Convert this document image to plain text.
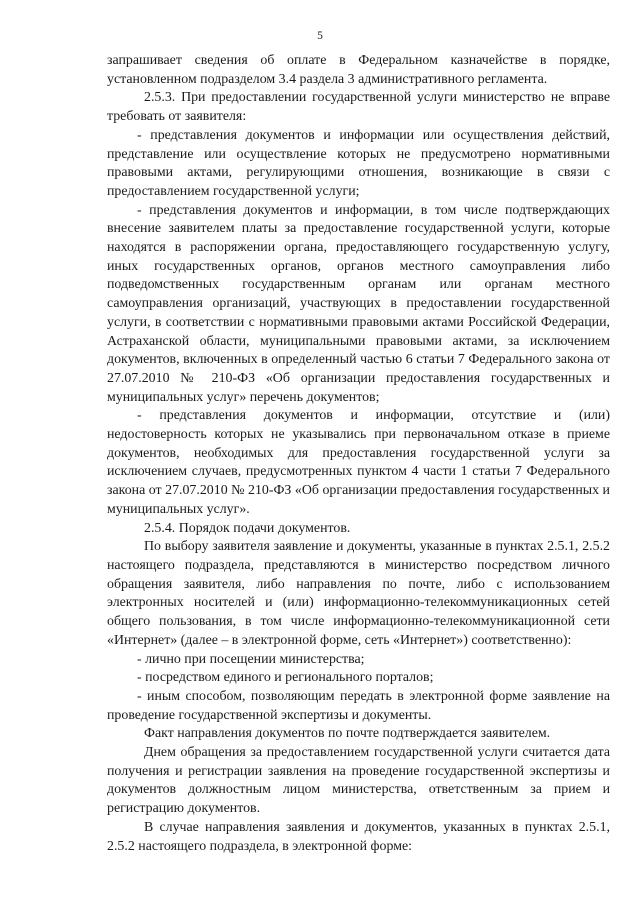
5

запрашивает сведения об оплате в Федеральном казначействе в порядке, установленном подразделом 3.4 раздела 3 административного регламента.

2.5.3. При предоставлении государственной услуги министерство не вправе требовать от заявителя:

- представления документов и информации или осуществления действий, представление или осуществление которых не предусмотрено нормативными правовыми актами, регулирующими отношения, возникающие в связи с предоставлением государственной услуги;

- представления документов и информации, в том числе подтверждающих внесение заявителем платы за предоставление государственной услуги, которые находятся в распоряжении органа, предоставляющего государственную услугу, иных государственных органов, органов местного самоуправления либо подведомственных государственным органам или органам местного самоуправления организаций, участвующих в предоставлении государственной услуги, в соответствии с нормативными правовыми актами Российской Федерации, Астраханской области, муниципальными правовыми актами, за исключением документов, включенных в определенный частью 6 статьи 7 Федерального закона от 27.07.2010 № 210-ФЗ «Об организации предоставления государственных и муниципальных услуг» перечень документов;

- представления документов и информации, отсутствие и (или) недостоверность которых не указывались при первоначальном отказе в приеме документов, необходимых для предоставления государственной услуги за исключением случаев, предусмотренных пунктом 4 части 1 статьи 7 Федерального закона от 27.07.2010 № 210-ФЗ «Об организации предоставления государственных и муниципальных услуг».

2.5.4. Порядок подачи документов.

По выбору заявителя заявление и документы, указанные в пунктах 2.5.1, 2.5.2 настоящего подраздела, представляются в министерство посредством личного обращения заявителя, либо направления по почте, либо с использованием электронных носителей и (или) информационно-телекоммуникационных сетей общего пользования, в том числе информационно-телекоммуникационной сети «Интернет» (далее – в электронной форме, сеть «Интернет») соответственно):

- лично при посещении министерства;

- посредством единого и регионального порталов;

- иным способом, позволяющим передать в электронной форме заявление на проведение государственной экспертизы и документы.

Факт направления документов по почте подтверждается заявителем.

Днем обращения за предоставлением государственной услуги считается дата получения и регистрации заявления на проведение государственной экспертизы и документов должностным лицом министерства, ответственным за прием и регистрацию документов.

В случае направления заявления и документов, указанных в пунктах 2.5.1, 2.5.2 настоящего подраздела, в электронной форме:
